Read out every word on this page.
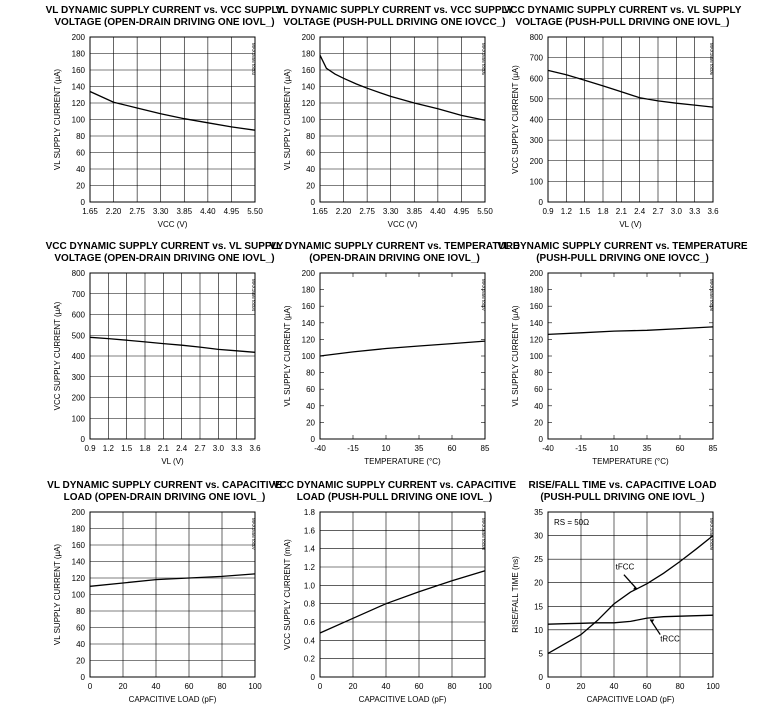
VL DYNAMIC SUPPLY CURRENT vs. VCC SUPPLY
VOLTAGE (OPEN-DRAIN DRIVING ONE IOVL_)
1.65 2.20 2.75 3.30 3.85 4.40 4.95 5.50
0
20
40
60
80
100
120
140
160
180
200
VCC (V)
VL SUPPLY CURRENT (µA)
MAX1656 toc03
VL DYNAMIC SUPPLY CURRENT vs. VCC SUPPLY
VOLTAGE (PUSH-PULL DRIVING ONE IOVCC_)
1.65 2.20 2.75 3.30 3.85 4.40 4.95 5.50
0
20
40
60
80
100
120
140
160
180
200
VCC (V)
VL SUPPLY CURRENT (µA)
MAX1656 toc05
VCC DYNAMIC SUPPLY CURRENT vs. VL SUPPLY
VOLTAGE (PUSH-PULL DRIVING ONE IOVL_)
0.9 1.2 1.5 1.8 2.1 2.4 2.7 3.0 3.3 3.6
0
100
200
300
400
500
600
700
800
VL (V)
VCC SUPPLY CURRENT (µA)
MAX1656 toc06
VCC DYNAMIC SUPPLY CURRENT vs. VL SUPPLY
VOLTAGE (OPEN-DRAIN DRIVING ONE IOVL_)
0.9 1.2 1.5 1.8 2.1 2.4 2.7 3.0 3.3 3.6
0
100
200
300
400
500
600
700
800
VL (V)
VCC SUPPLY CURRENT (µA)
MAX1656 toc04
VL DYNAMIC SUPPLY CURRENT vs. TEMPERATURE
(OPEN-DRAIN DRIVING ONE IOVL_)
-40	-15	10	35	60	85
0
20
40
60
80
100
120
140
160
180
200
TEMPERATURE (°C)
VL SUPPLY CURRENT (µA)
MAX1656 toc07
VL DYNAMIC SUPPLY CURRENT vs. TEMPERATURE
(PUSH-PULL DRIVING ONE IOVCC_)
-40	-15	10	35	60	85
0
20
40
60
80
100
120
140
160
180
200
TEMPERATURE (°C)
VL SUPPLY CURRENT (µA)
MAX1656 toc08
VL DYNAMIC SUPPLY CURRENT vs. CAPACITIVE
LOAD (OPEN-DRAIN DRIVING ONE IOVL_)
0	20	40	60	80	100
0
20
40
60
80
100
120
140
160
180
200
CAPACITIVE LOAD (pF)
VL SUPPLY CURRENT (µA)
MAX1656 toc07
VCC DYNAMIC SUPPLY CURRENT vs. CAPACITIVE
LOAD (PUSH-PULL DRIVING ONE IOVL_)
0	20	40	60	80	100
0
0.2
0.4
0.6
0.8
1.0
1.2
1.4
1.6
1.8
CAPACITIVE LOAD (pF)
VCC SUPPLY CURRENT (mA)
MAX1656 toc08
RISE/FALL TIME vs. CAPACITIVE LOAD
(PUSH-PULL DRIVING ONE IOVL_)
0	20	40	60	80	100
0
5
10
15
20
25
30
35
CAPACITIVE LOAD (pF)
RISE/FALL TIME (ns)
MAX1656 toc09
RS = 50Ω
tFCC
tRCC
